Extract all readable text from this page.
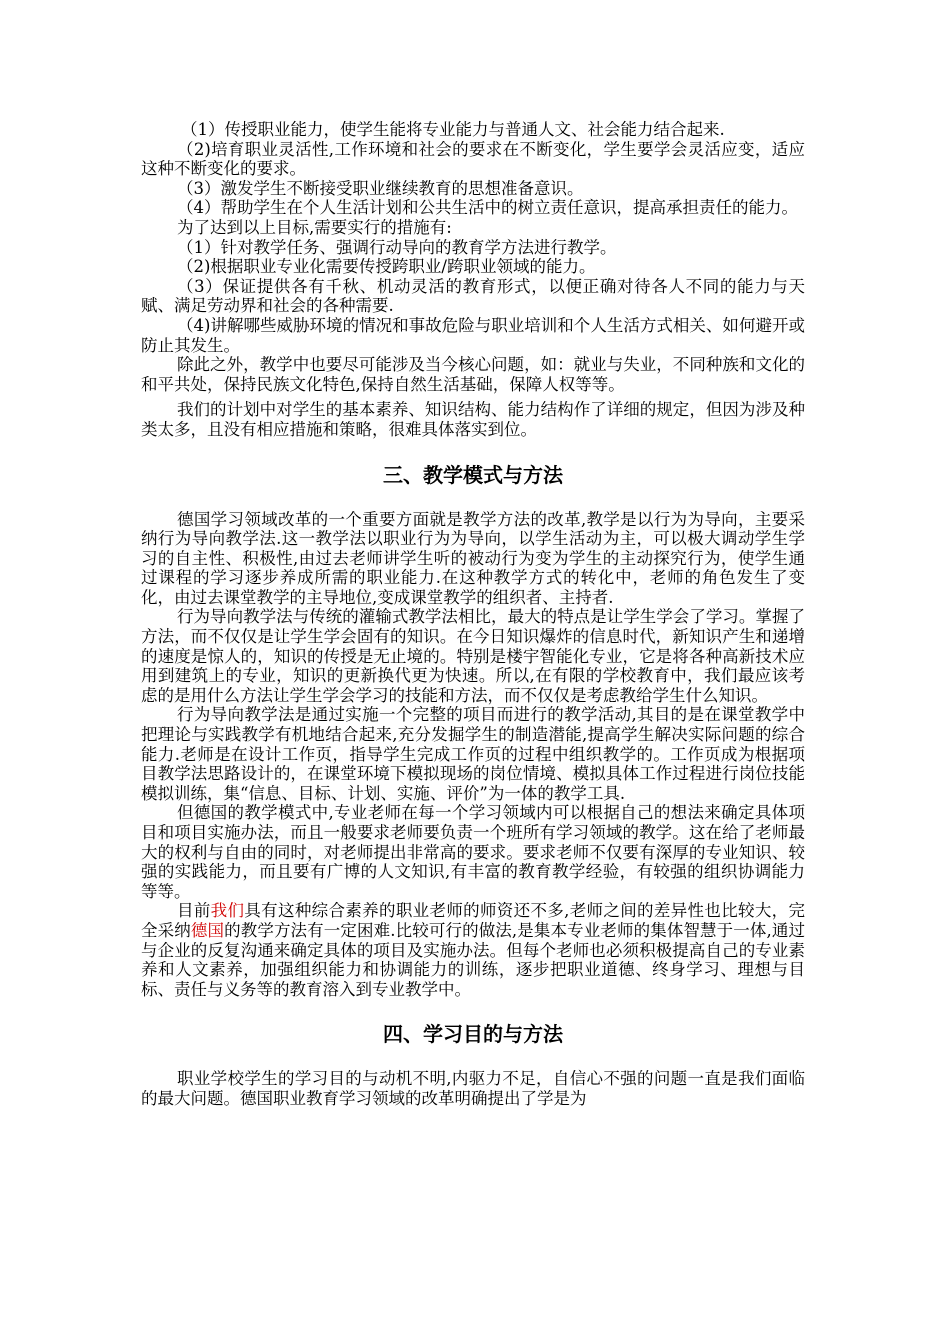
（1）传授职业能力，使学生能将专业能力与普通人文、社会能力结合起来.

（2)培育职业灵活性,工作环境和社会的要求在不断变化，学生要学会灵活应变，适应这种不断变化的要求。

（3）激发学生不断接受职业继续教育的思想准备意识。

（4）帮助学生在个人生活计划和公共生活中的树立责任意识，提高承担责任的能力。

为了达到以上目标,需要实行的措施有:

（1）针对教学任务、强调行动导向的教育学方法进行教学。

（2)根据职业专业化需要传授跨职业/跨职业领域的能力。

（3）保证提供各有千秋、机动灵活的教育形式，以便正确对待各人不同的能力与天赋、满足劳动界和社会的各种需要.

（4)讲解哪些威胁环境的情况和事故危险与职业培训和个人生活方式相关、如何避开或防止其发生。

除此之外，教学中也要尽可能涉及当今核心问题，如：就业与失业，不同种族和文化的和平共处，保持民族文化特色,保持自然生活基础，保障人权等等。

我们的计划中对学生的基本素养、知识结构、能力结构作了详细的规定，但因为涉及种类太多，且没有相应措施和策略，很难具体落实到位。

三、教学模式与方法

德国学习领域改革的一个重要方面就是教学方法的改革,教学是以行为为导向，主要采纳行为导向教学法.这一教学法以职业行为为导向，以学生活动为主，可以极大调动学生学习的自主性、积极性,由过去老师讲学生听的被动行为变为学生的主动探究行为，使学生通过课程的学习逐步养成所需的职业能力.在这种教学方式的转化中，老师的角色发生了变化，由过去课堂教学的主导地位,变成课堂教学的组织者、主持者.

行为导向教学法与传统的灌输式教学法相比，最大的特点是让学生学会了学习。掌握了方法，而不仅仅是让学生学会固有的知识。在今日知识爆炸的信息时代，新知识产生和递增的速度是惊人的，知识的传授是无止境的。特别是楼宇智能化专业，它是将各种高新技术应用到建筑上的专业，知识的更新换代更为快速。所以,在有限的学校教育中，我们最应该考虑的是用什么方法让学生学会学习的技能和方法，而不仅仅是考虑教给学生什么知识。

行为导向教学法是通过实施一个完整的项目而进行的教学活动,其目的是在课堂教学中把理论与实践教学有机地结合起来,充分发掘学生的制造潜能,提高学生解决实际问题的综合能力.老师是在设计工作页，指导学生完成工作页的过程中组织教学的。工作页成为根据项目教学法思路设计的，在课堂环境下模拟现场的岗位情境、模拟具体工作过程进行岗位技能模拟训练，集“信息、目标、计划、实施、评价”为一体的教学工具.

但德国的教学模式中,专业老师在每一个学习领域内可以根据自己的想法来确定具体项目和项目实施办法，而且一般要求老师要负责一个班所有学习领域的教学。这在给了老师最大的权利与自由的同时，对老师提出非常高的要求。要求老师不仅要有深厚的专业知识、较强的实践能力，而且要有广博的人文知识,有丰富的教育教学经验，有较强的组织协调能力等等。

目前我们具有这种综合素养的职业老师的师资还不多,老师之间的差异性也比较大，完全采纳德国的教学方法有一定困难.比较可行的做法,是集本专业老师的集体智慧于一体,通过与企业的反复沟通来确定具体的项目及实施办法。但每个老师也必须积极提高自己的专业素养和人文素养，加强组织能力和协调能力的训练，逐步把职业道德、终身学习、理想与目标、责任与义务等的教育溶入到专业教学中。

四、学习目的与方法

职业学校学生的学习目的与动机不明,内驱力不足，自信心不强的问题一直是我们面临的最大问题。德国职业教育学习领域的改革明确提出了学是为
